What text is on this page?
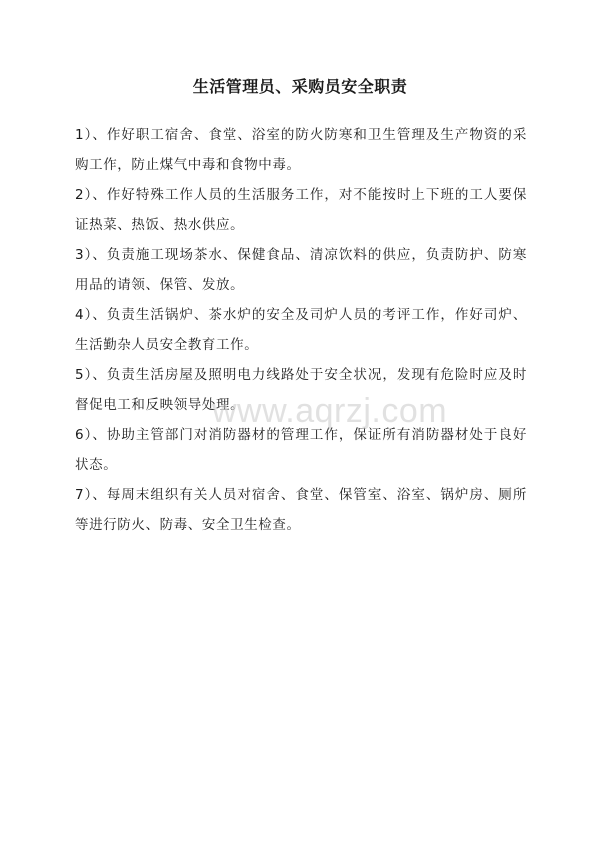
生活管理员、采购员安全职责

1）、作好职工宿舍、食堂、浴室的防火防寒和卫生管理及生产物资的采购工作，防止煤气中毒和食物中毒。

2）、作好特殊工作人员的生活服务工作，对不能按时上下班的工人要保证热菜、热饭、热水供应。

3）、负责施工现场茶水、保健食品、清凉饮料的供应，负责防护、防寒用品的请领、保管、发放。

4）、负责生活锅炉、茶水炉的安全及司炉人员的考评工作，作好司炉、生活勤杂人员安全教育工作。

5）、负责生活房屋及照明电力线路处于安全状况，发现有危险时应及时督促电工和反映领导处理。

6）、协助主管部门对消防器材的管理工作，保证所有消防器材处于良好状态。

7）、每周末组织有关人员对宿舍、食堂、保管室、浴室、锅炉房、厕所等进行防火、防毒、安全卫生检查。

www.aqrzj.com
